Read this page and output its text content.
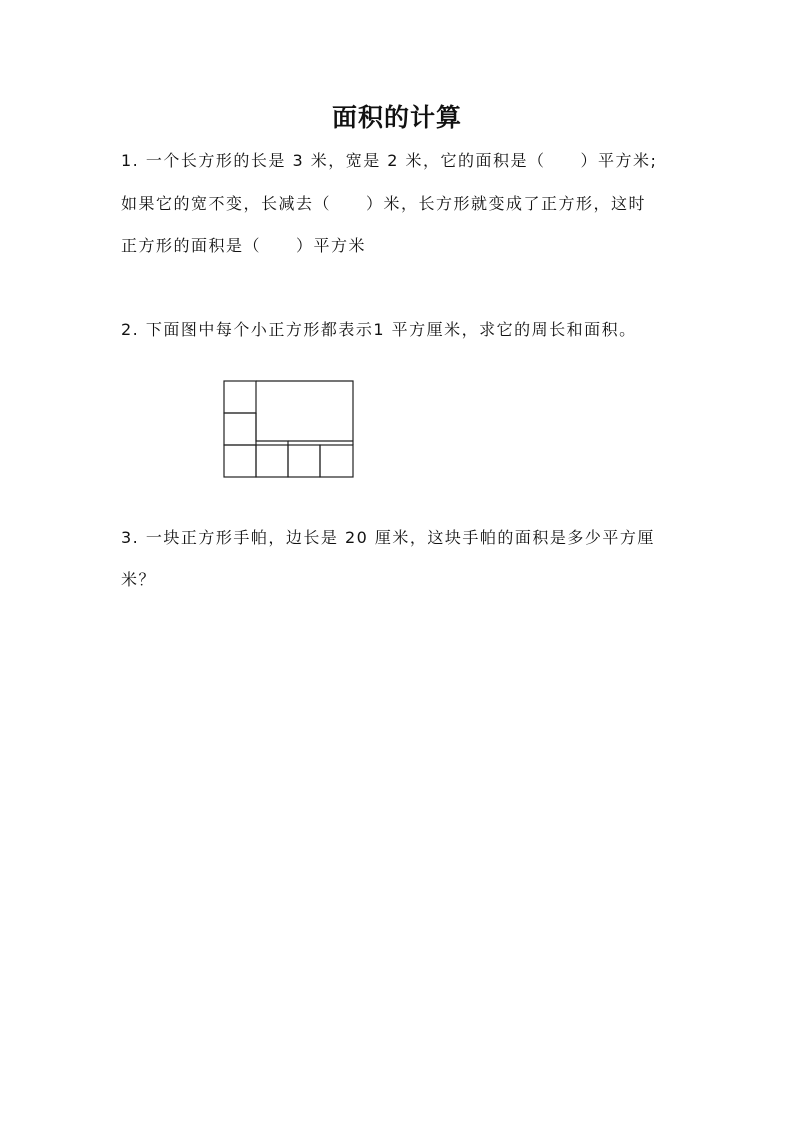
面积的计算
1. 一个长方形的长是 3 米，宽是 2 米，它的面积是（　　）平方米;
如果它的宽不变，长减去（　　）米，长方形就变成了正方形，这时
正方形的面积是（　　）平方米
2. 下面图中每个小正方形都表示1 平方厘米，求它的周长和面积。
3. 一块正方形手帕，边长是 20 厘米，这块手帕的面积是多少平方厘
米？
